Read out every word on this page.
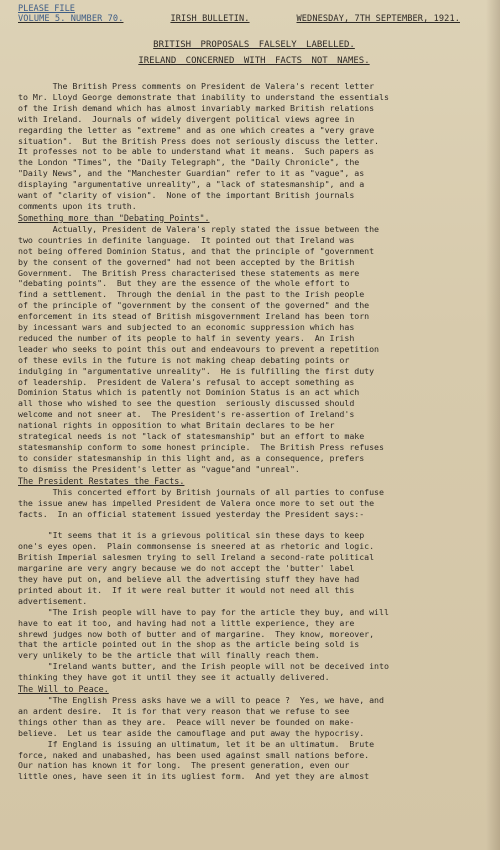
PLEASE FILE
VOLUME 5. NUMBER 70.	IRISH BULLETIN.	WEDNESDAY, 7TH SEPTEMBER, 1921.
BRITISH PROPOSALS FALSELY LABELLED.
IRELAND CONCERNED WITH FACTS NOT NAMES.
The British Press comments on President de Valera's recent letter
to Mr. Lloyd George demonstrate that inability to understand the essentials
of the Irish demand which has almost invariably marked British relations
with Ireland.  Journals of widely divergent political views agree in
regarding the letter as "extreme" and as one which creates a "very grave
situation".  But the British Press does not seriously discuss the letter.
It professes not to be able to understand what it means.  Such papers as
the London "Times", the "Daily Telegraph", the "Daily Chronicle", the
"Daily News", and the "Manchester Guardian" refer to it as "vague", as
displaying "argumentative unreality", a "lack of statesmanship", and a
want of "clarity of vision".  None of the important British journals
comments upon its truth.
Something more than "Debating Points".
Actually, President de Valera's reply stated the issue between the
two countries in definite language.  It pointed out that Ireland was
not being offered Dominion Status, and that the principle of "government
by the consent of the governed" had not been accepted by the British
Government.  The British Press characterised these statements as mere
"debating points".  But they are the essence of the whole effort to
find a settlement.  Through the denial in the past to the Irish people
of the principle of "government by the consent of the governed" and the
enforcement in its stead of British misgovernment Ireland has been torn
by incessant wars and subjected to an economic suppression which has
reduced the number of its people to half in seventy years.  An Irish
leader who seeks to point this out and endeavours to prevent a repetition
of these evils in the future is not making cheap debating points or
indulging in "argumentative unreality".  He is fulfilling the first duty
of leadership.  President de Valera's refusal to accept something as
Dominion Status which is patently not Dominion Status is an act which
all those who wished to see the question  seriously discussed should
welcome and not sneer at.  The President's re-assertion of Ireland's
national rights in opposition to what Britain declares to be her
strategical needs is not "lack of statesmanship" but an effort to make
statesmanship conform to some honest principle.  The British Press refuses
to consider statesmanship in this light and, as a consequence, prefers
to dismiss the President's letter as "vague"and "unreal".
The President Restates the Facts.
This concerted effort by British journals of all parties to confuse
the issue anew has impelled President de Valera once more to set out the
facts.  In an official statement issued yesterday the President says:-

"It seems that it is a grievous political sin these days to keep
one's eyes open.  Plain commonsense is sneered at as rhetoric and logic.
British Imperial salesmen trying to sell Ireland a second-rate political
margarine are very angry because we do not accept the 'butter' label
they have put on, and believe all the advertising stuff they have had
printed about it.  If it were real butter it would not need all this
advertisement.
"The Irish people will have to pay for the article they buy, and will
have to eat it too, and having had not a little experience, they are
shrewd judges now both of butter and of margarine.  They know, moreover,
that the article pointed out in the shop as the article being sold is
very unlikely to be the article that will finally reach them.
"Ireland wants butter, and the Irish people will not be deceived into
thinking they have got it until they see it actually delivered.
The Will to Peace.
"The English Press asks have we a will to peace ?  Yes, we have, and
an ardent desire.  It is for that very reason that we refuse to see
things other than as they are.  Peace will never be founded on make-
believe.  Let us tear aside the camouflage and put away the hypocrisy.
If England is issuing an ultimatum, let it be an ultimatum.  Brute
force, naked and unabashed, has been used against small nations before.
Our nation has known it for long.  The present generation, even our
little ones, have seen it in its ugliest form.  And yet they are almost
